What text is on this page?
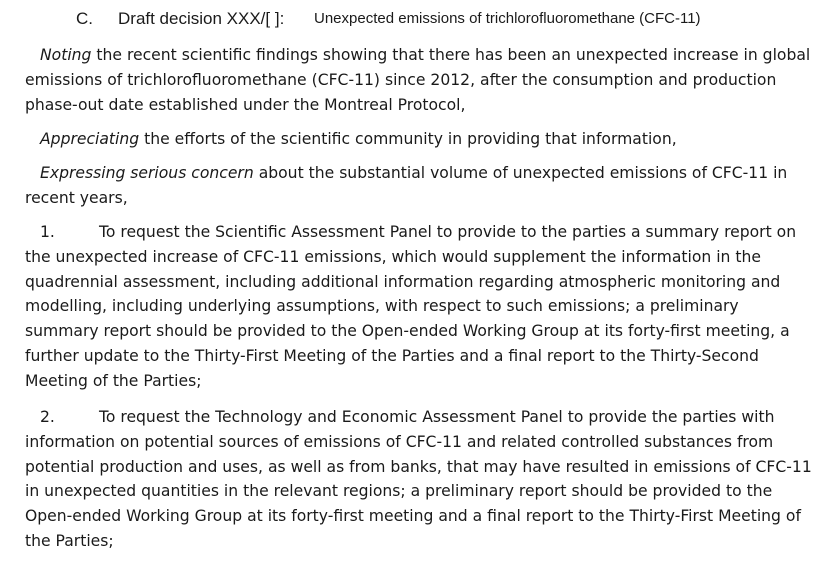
C. Draft decision XXX/[ ]: Unexpected emissions of trichlorofluoromethane (CFC-11)

Noting the recent scientific findings showing that there has been an unexpected increase in global emissions of trichlorofluoromethane (CFC-11) since 2012, after the consumption and production phase-out date established under the Montreal Protocol,

Appreciating the efforts of the scientific community in providing that information,

Expressing serious concern about the substantial volume of unexpected emissions of CFC-11 in recent years,

1.	To request the Scientific Assessment Panel to provide to the parties a summary report on the unexpected increase of CFC-11 emissions, which would supplement the information in the quadrennial assessment, including additional information regarding atmospheric monitoring and modelling, including underlying assumptions, with respect to such emissions; a preliminary summary report should be provided to the Open-ended Working Group at its forty-first meeting, a further update to the Thirty-First Meeting of the Parties and a final report to the Thirty-Second Meeting of the Parties;

2.	To request the Technology and Economic Assessment Panel to provide the parties with information on potential sources of emissions of CFC-11 and related controlled substances from potential production and uses, as well as from banks, that may have resulted in emissions of CFC-11 in unexpected quantities in the relevant regions; a preliminary report should be provided to the Open-ended Working Group at its forty-first meeting and a final report to the Thirty-First Meeting of the Parties;
